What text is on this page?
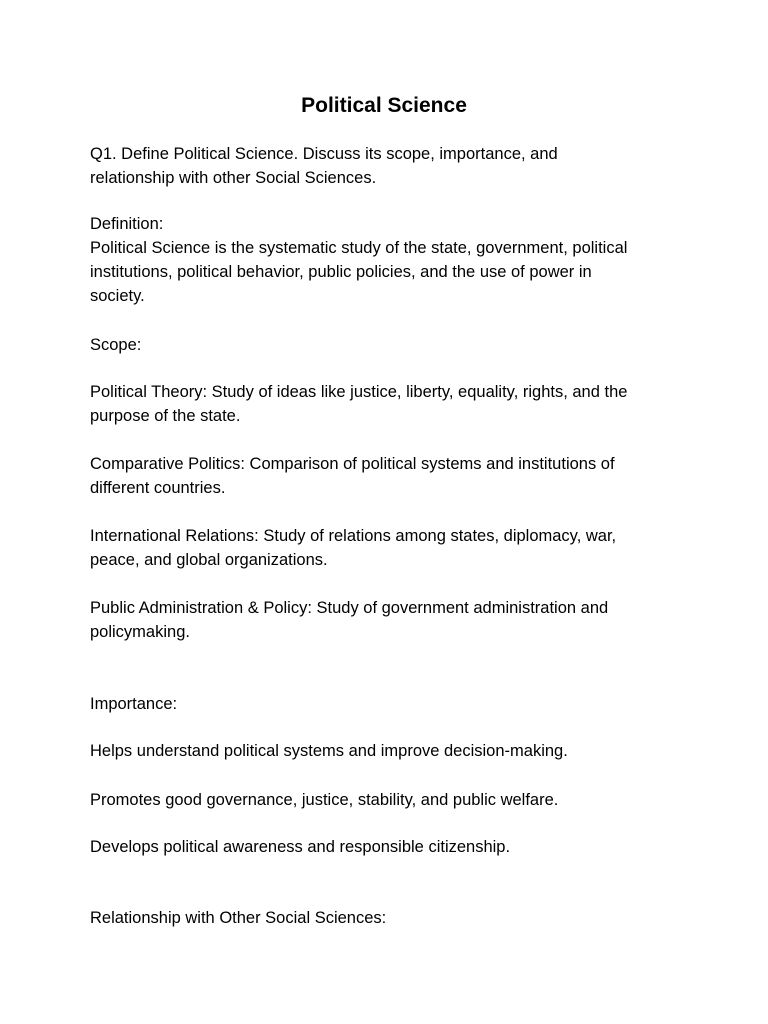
Political Science
Q1. Define Political Science. Discuss its scope, importance, and
relationship with other Social Sciences.
Definition:
Political Science is the systematic study of the state, government, political
institutions, political behavior, public policies, and the use of power in
society.
Scope:
Political Theory: Study of ideas like justice, liberty, equality, rights, and the
purpose of the state.
Comparative Politics: Comparison of political systems and institutions of
different countries.
International Relations: Study of relations among states, diplomacy, war,
peace, and global organizations.
Public Administration & Policy: Study of government administration and
policymaking.
Importance:
Helps understand political systems and improve decision-making.
Promotes good governance, justice, stability, and public welfare.
Develops political awareness and responsible citizenship.
Relationship with Other Social Sciences:
